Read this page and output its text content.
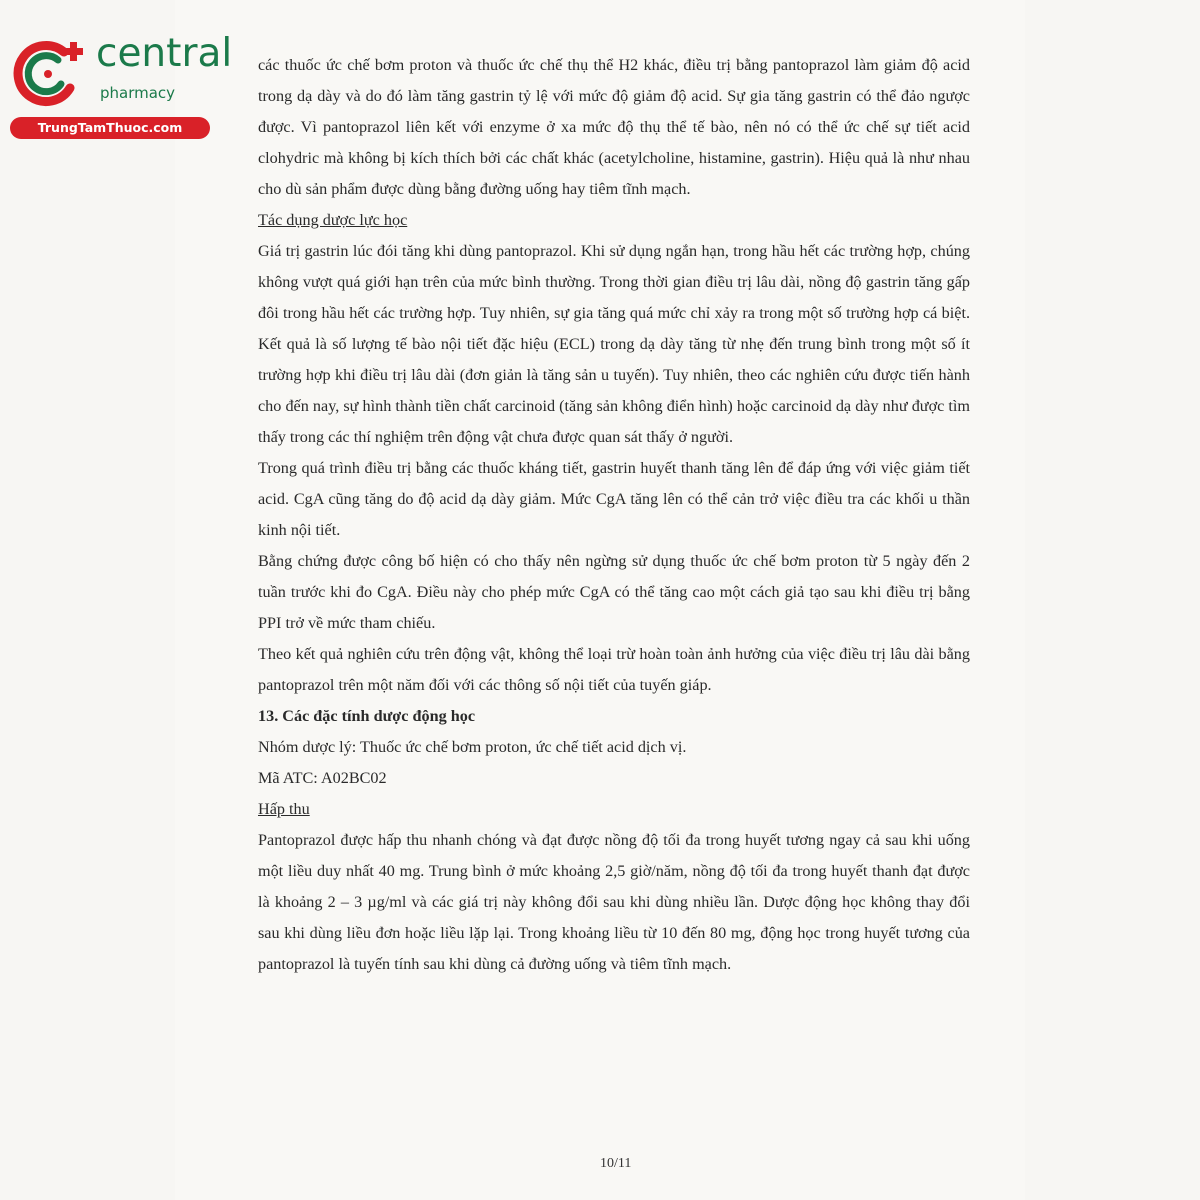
central
pharmacy
TrungTamThuoc.com

các thuốc ức chế bơm proton và thuốc ức chế thụ thể H2 khác, điều trị bằng pantoprazol làm giảm độ acid trong dạ dày và do đó làm tăng gastrin tỷ lệ với mức độ giảm độ acid. Sự gia tăng gastrin có thể đảo ngược được. Vì pantoprazol liên kết với enzyme ở xa mức độ thụ thể tế bào, nên nó có thể ức chế sự tiết acid clohydric mà không bị kích thích bởi các chất khác (acetylcholine, histamine, gastrin). Hiệu quả là như nhau cho dù sản phẩm được dùng bằng đường uống hay tiêm tĩnh mạch.

Tác dụng dược lực học

Giá trị gastrin lúc đói tăng khi dùng pantoprazol. Khi sử dụng ngắn hạn, trong hầu hết các trường hợp, chúng không vượt quá giới hạn trên của mức bình thường. Trong thời gian điều trị lâu dài, nồng độ gastrin tăng gấp đôi trong hầu hết các trường hợp. Tuy nhiên, sự gia tăng quá mức chỉ xảy ra trong một số trường hợp cá biệt. Kết quả là số lượng tế bào nội tiết đặc hiệu (ECL) trong dạ dày tăng từ nhẹ đến trung bình trong một số ít trường hợp khi điều trị lâu dài (đơn giản là tăng sản u tuyến). Tuy nhiên, theo các nghiên cứu được tiến hành cho đến nay, sự hình thành tiền chất carcinoid (tăng sản không điển hình) hoặc carcinoid dạ dày như được tìm thấy trong các thí nghiệm trên động vật chưa được quan sát thấy ở người.

Trong quá trình điều trị bằng các thuốc kháng tiết, gastrin huyết thanh tăng lên để đáp ứng với việc giảm tiết acid. CgA cũng tăng do độ acid dạ dày giảm. Mức CgA tăng lên có thể cản trở việc điều tra các khối u thần kinh nội tiết.

Bằng chứng được công bố hiện có cho thấy nên ngừng sử dụng thuốc ức chế bơm proton từ 5 ngày đến 2 tuần trước khi đo CgA. Điều này cho phép mức CgA có thể tăng cao một cách giả tạo sau khi điều trị bằng PPI trở về mức tham chiếu.

Theo kết quả nghiên cứu trên động vật, không thể loại trừ hoàn toàn ảnh hưởng của việc điều trị lâu dài bằng pantoprazol trên một năm đối với các thông số nội tiết của tuyến giáp.

13. Các đặc tính dược động học

Nhóm dược lý: Thuốc ức chế bơm proton, ức chế tiết acid dịch vị.

Mã ATC: A02BC02

Hấp thu

Pantoprazol được hấp thu nhanh chóng và đạt được nồng độ tối đa trong huyết tương ngay cả sau khi uống một liều duy nhất 40 mg. Trung bình ở mức khoảng 2,5 giờ/năm, nồng độ tối đa trong huyết thanh đạt được là khoảng 2 – 3 µg/ml và các giá trị này không đổi sau khi dùng nhiều lần. Dược động học không thay đổi sau khi dùng liều đơn hoặc liều lặp lại. Trong khoảng liều từ 10 đến 80 mg, động học trong huyết tương của pantoprazol là tuyến tính sau khi dùng cả đường uống và tiêm tĩnh mạch.

10/11
